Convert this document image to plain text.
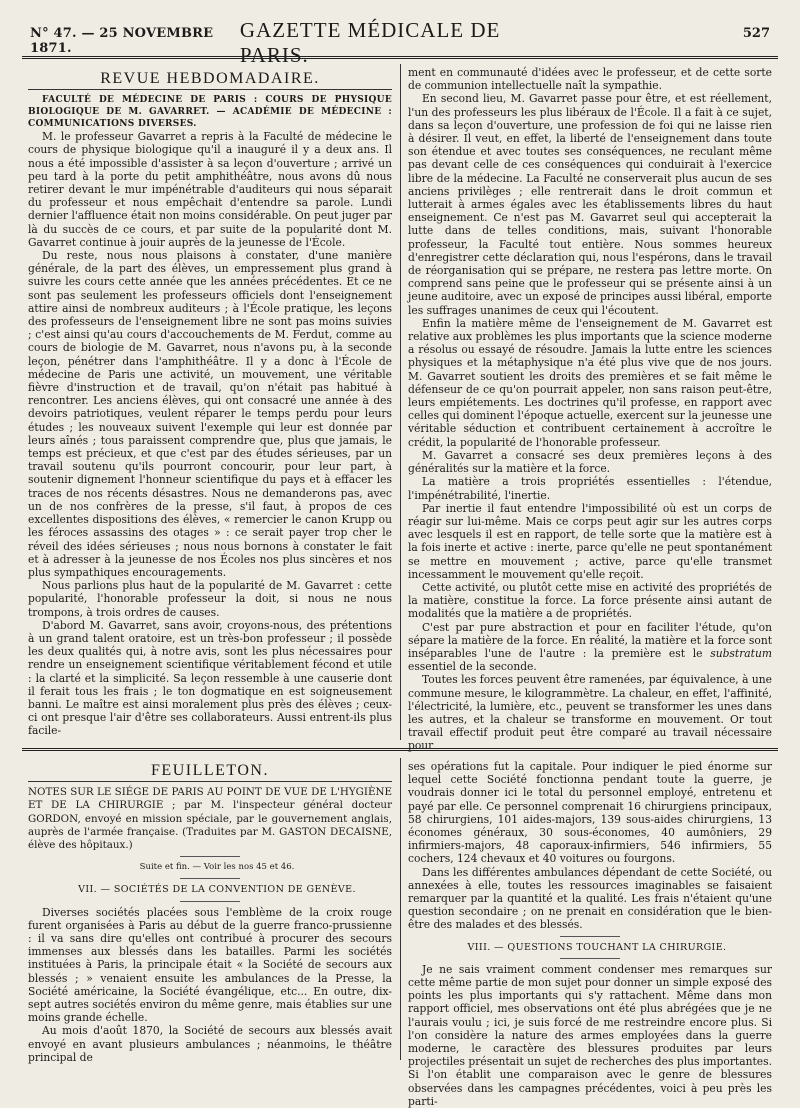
N° 47. — 25 NOVEMBRE 1871.
GAZETTE MÉDICALE DE PARIS.
527
REVUE HEBDOMADAIRE.

FACULTÉ DE MÉDECINE DE PARIS : COURS DE PHYSIQUE BIOLOGIQUE DE M. GAVARRET. — ACADÉMIE DE MÉDECINE : COMMUNICATIONS DIVERSES.

M. le professeur Gavarret a repris à la Faculté de médecine le cours de physique biologique qu'il a inauguré il y a deux ans. Il nous a été impossible d'assister à sa leçon d'ouverture ; arrivé un peu tard à la porte du petit amphithéâtre, nous avons dû nous retirer devant le mur impénétrable d'auditeurs qui nous séparait du professeur et nous empêchait d'entendre sa parole. Lundi dernier l'affluence était non moins considérable. On peut juger par là du succès de ce cours, et par suite de la popularité dont M. Gavarret continue à jouir auprès de la jeunesse de l'École.

Du reste, nous nous plaisons à constater, d'une manière générale, de la part des élèves, un empressement plus grand à suivre les cours cette année que les années précédentes. Et ce ne sont pas seulement les professeurs officiels dont l'enseignement attire ainsi de nombreux auditeurs ; à l'École pratique, les leçons des professeurs de l'enseignement libre ne sont pas moins suivies ; c'est ainsi qu'au cours d'accouchements de M. Ferdut, comme au cours de biologie de M. Gavarret, nous n'avons pu, à la seconde leçon, pénétrer dans l'amphithéâtre. Il y a donc à l'École de médecine de Paris une activité, un mouvement, une véritable fièvre d'instruction et de travail, qu'on n'était pas habitué à rencontrer. Les anciens élèves, qui ont consacré une année à des devoirs patriotiques, veulent réparer le temps perdu pour leurs études ; les nouveaux suivent l'exemple qui leur est donnée par leurs aînés ; tous paraissent comprendre que, plus que jamais, le temps est précieux, et que c'est par des études sérieuses, par un travail soutenu qu'ils pourront concourir, pour leur part, à soutenir dignement l'honneur scientifique du pays et à effacer les traces de nos récents désastres. Nous ne demanderons pas, avec un de nos confrères de la presse, s'il faut, à propos de ces excellentes dispositions des élèves, « remercier le canon Krupp ou les féroces assassins des otages » : ce serait payer trop cher le réveil des idées sérieuses ; nous nous bornons à constater le fait et à adresser à la jeunesse de nos Écoles nos plus sincères et nos plus sympathiques encouragements.

Nous parlions plus haut de la popularité de M. Gavarret : cette popularité, l'honorable professeur la doit, si nous ne nous trompons, à trois ordres de causes.

D'abord M. Gavarret, sans avoir, croyons-nous, des prétentions à un grand talent oratoire, est un très-bon professeur ; il possède les deux qualités qui, à notre avis, sont les plus nécessaires pour rendre un enseignement scientifique véritablement fécond et utile : la clarté et la simplicité. Sa leçon ressemble à une causerie dont il ferait tous les frais ; le ton dogmatique en est soigneusement banni. Le maître est ainsi moralement plus près des élèves ; ceux-ci ont presque l'air d'être ses collaborateurs. Aussi entrent-ils plus facile-

ment en communauté d'idées avec le professeur, et de cette sorte de communion intellectuelle naît la sympathie.

En second lieu, M. Gavarret passe pour être, et est réellement, l'un des professeurs les plus libéraux de l'École. Il a fait à ce sujet, dans sa leçon d'ouverture, une profession de foi qui ne laisse rien à désirer. Il veut, en effet, la liberté de l'enseignement dans toute son étendue et avec toutes ses conséquences, ne reculant même pas devant celle de ces conséquences qui conduirait à l'exercice libre de la médecine. La Faculté ne conserverait plus aucun de ses anciens privilèges ; elle rentrerait dans le droit commun et lutterait à armes égales avec les établissements libres du haut enseignement. Ce n'est pas M. Gavarret seul qui accepterait la lutte dans de telles conditions, mais, suivant l'honorable professeur, la Faculté tout entière. Nous sommes heureux d'enregistrer cette déclaration qui, nous l'espérons, dans le travail de réorganisation qui se prépare, ne restera pas lettre morte. On comprend sans peine que le professeur qui se présente ainsi à un jeune auditoire, avec un exposé de principes aussi libéral, emporte les suffrages unanimes de ceux qui l'écoutent.

Enfin la matière même de l'enseignement de M. Gavarret est relative aux problèmes les plus importants que la science moderne a résolus ou essayé de résoudre. Jamais la lutte entre les sciences physiques et la métaphysique n'a été plus vive que de nos jours. M. Gavarret soutient les droits des premières et se fait même le défenseur de ce qu'on pourrait appeler, non sans raison peut-être, leurs empiétements. Les doctrines qu'il professe, en rapport avec celles qui dominent l'époque actuelle, exercent sur la jeunesse une véritable séduction et contribuent certainement à accroître le crédit, la popularité de l'honorable professeur.

M. Gavarret a consacré ses deux premières leçons à des généralités sur la matière et la force.

La matière a trois propriétés essentielles : l'étendue, l'impénétrabilité, l'inertie.

Par inertie il faut entendre l'impossibilité où est un corps de réagir sur lui-même. Mais ce corps peut agir sur les autres corps avec lesquels il est en rapport, de telle sorte que la matière est à la fois inerte et active : inerte, parce qu'elle ne peut spontanément se mettre en mouvement ; active, parce qu'elle transmet incessamment le mouvement qu'elle reçoit.

Cette activité, ou plutôt cette mise en activité des propriétés de la matière, constitue la force. La force présente ainsi autant de modalités que la matière a de propriétés.

C'est par pure abstraction et pour en faciliter l'étude, qu'on sépare la matière de la force. En réalité, la matière et la force sont inséparables l'une de l'autre : la première est le substratum essentiel de la seconde.

Toutes les forces peuvent être ramenées, par équivalence, à une commune mesure, le kilogrammètre. La chaleur, en effet, l'affinité, l'électricité, la lumière, etc., peuvent se transformer les unes dans les autres, et la chaleur se transforme en mouvement. Or tout travail effectif produit peut être comparé au travail nécessaire pour

FEUILLETON.

NOTES SUR LE SIÉGE DE PARIS AU POINT DE VUE DE L'HYGIÈNE ET DE LA CHIRURGIE ; par M. l'inspecteur général docteur GORDON, envoyé en mission spéciale, par le gouvernement anglais, auprès de l'armée française. (Traduites par M. GASTON DECAISNE, élève des hôpitaux.)

Suite et fin. — Voir les nos 45 et 46.

VII. — SOCIÉTÉS DE LA CONVENTION DE GENÈVE.

Diverses sociétés placées sous l'emblème de la croix rouge furent organisées à Paris au début de la guerre franco-prussienne : il va sans dire qu'elles ont contribué à procurer des secours immenses aux blessés dans les batailles. Parmi les sociétés instituées à Paris, la principale était « la Société de secours aux blessés ; » venaient ensuite les ambulances de la Presse, la Société américaine, la Société évangélique, etc... En outre, dix-sept autres sociétés environ du même genre, mais établies sur une moins grande échelle.

Au mois d'août 1870, la Société de secours aux blessés avait envoyé en avant plusieurs ambulances ; néanmoins, le théâtre principal de

ses opérations fut la capitale. Pour indiquer le pied énorme sur lequel cette Société fonctionna pendant toute la guerre, je voudrais donner ici le total du personnel employé, entretenu et payé par elle. Ce personnel comprenait 16 chirurgiens principaux, 58 chirurgiens, 101 aides-majors, 139 sous-aides chirurgiens, 13 économes généraux, 30 sous-économes, 40 aumôniers, 29 infirmiers-majors, 48 caporaux-infirmiers, 546 infirmiers, 55 cochers, 124 chevaux et 40 voitures ou fourgons.

Dans les différentes ambulances dépendant de cette Société, ou annexées à elle, toutes les ressources imaginables se faisaient remarquer par la quantité et la qualité. Les frais n'étaient qu'une question secondaire ; on ne prenait en considération que le bien-être des malades et des blessés.

VIII. — QUESTIONS TOUCHANT LA CHIRURGIE.

Je ne sais vraiment comment condenser mes remarques sur cette même partie de mon sujet pour donner un simple exposé des points les plus importants qui s'y rattachent. Même dans mon rapport officiel, mes observations ont été plus abrégées que je ne l'aurais voulu ; ici, je suis forcé de me restreindre encore plus. Si l'on considère la nature des armes employées dans la guerre moderne, le caractère des blessures produites par leurs projectiles présentait un sujet de recherches des plus importantes. Si l'on établit une comparaison avec le genre de blessures observées dans les campagnes précédentes, voici à peu près les parti-
